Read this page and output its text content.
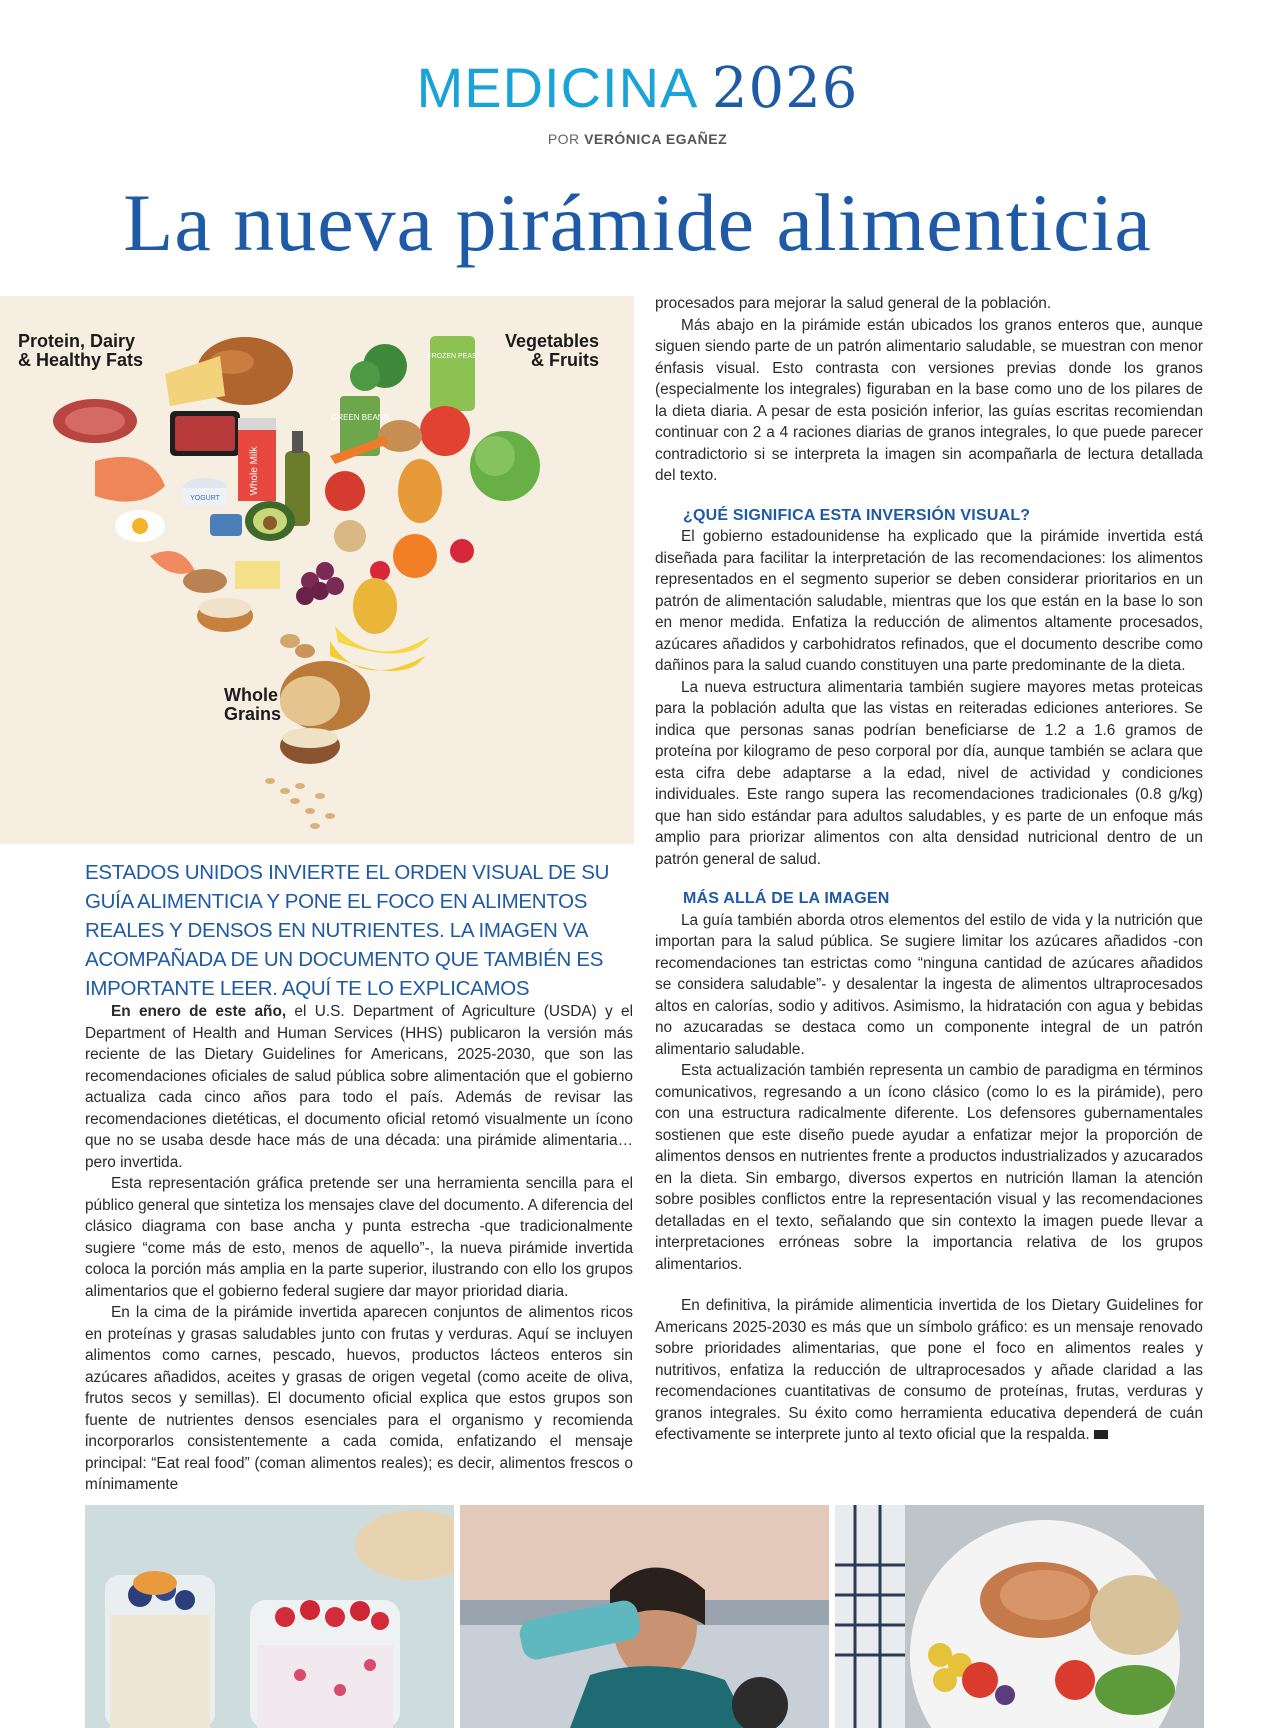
MEDICINA 2026
POR VERÓNICA EGAÑEZ
La nueva pirámide alimenticia
Whole Milk
YOGURT
GREEN BEANS
FROZEN PEAS
Protein, Dairy
& Healthy Fats
Vegetables
& Fruits
Whole
Grains
ESTADOS UNIDOS INVIERTE EL ORDEN VISUAL DE SU GUÍA ALIMENTICIA Y PONE EL FOCO EN ALIMENTOS REALES Y DENSOS EN NUTRIENTES. LA IMAGEN VA ACOMPAÑADA DE UN DOCUMENTO QUE TAMBIÉN ES IMPORTANTE LEER. AQUÍ TE LO EXPLICAMOS

En enero de este año, el U.S. Department of Agriculture (USDA) y el Department of Health and Human Services (HHS) publicaron la versión más reciente de las Dietary Guidelines for Americans, 2025-2030, que son las recomendaciones oficiales de salud pública sobre alimentación que el gobierno actualiza cada cinco años para todo el país. Además de revisar las recomendaciones dietéticas, el documento oficial retomó visualmente un ícono que no se usaba desde hace más de una década: una pirámide alimentaria… pero invertida.

Esta representación gráfica pretende ser una herramienta sencilla para el público general que sintetiza los mensajes clave del documento. A diferencia del clásico diagrama con base ancha y punta estrecha -que tradicionalmente sugiere “come más de esto, menos de aquello”-, la nueva pirámide invertida coloca la porción más amplia en la parte superior, ilustrando con ello los grupos alimentarios que el gobierno federal sugiere dar mayor prioridad diaria.

En la cima de la pirámide invertida aparecen conjuntos de alimentos ricos en proteínas y grasas saludables junto con frutas y verduras. Aquí se incluyen alimentos como carnes, pescado, huevos, productos lácteos enteros sin azúcares añadidos, aceites y grasas de origen vegetal (como aceite de oliva, frutos secos y semillas). El documento oficial explica que estos grupos son fuente de nutrientes densos esenciales para el organismo y recomienda incorporarlos consistentemente a cada comida, enfatizando el mensaje principal: “Eat real food” (coman alimentos reales); es decir, alimentos frescos o mínimamente

procesados para mejorar la salud general de la población.

Más abajo en la pirámide están ubicados los granos enteros que, aunque siguen siendo parte de un patrón alimentario saludable, se muestran con menor énfasis visual. Esto contrasta con versiones previas donde los granos (especialmente los integrales) figuraban en la base como uno de los pilares de la dieta diaria. A pesar de esta posición inferior, las guías escritas recomiendan continuar con 2 a 4 raciones diarias de granos integrales, lo que puede parecer contradictorio si se interpreta la imagen sin acompañarla de lectura detallada del texto.

¿QUÉ SIGNIFICA ESTA INVERSIÓN VISUAL?

El gobierno estadounidense ha explicado que la pirámide invertida está diseñada para facilitar la interpretación de las recomendaciones: los alimentos representados en el segmento superior se deben considerar prioritarios en un patrón de alimentación saludable, mientras que los que están en la base lo son en menor medida. Enfatiza la reducción de alimentos altamente procesados, azúcares añadidos y carbohidratos refinados, que el documento describe como dañinos para la salud cuando constituyen una parte predominante de la dieta.

La nueva estructura alimentaria también sugiere mayores metas proteicas para la población adulta que las vistas en reiteradas ediciones anteriores. Se indica que personas sanas podrían beneficiarse de 1.2 a 1.6 gramos de proteína por kilogramo de peso corporal por día, aunque también se aclara que esta cifra debe adaptarse a la edad, nivel de actividad y condiciones individuales. Este rango supera las recomendaciones tradicionales (0.8 g/kg) que han sido estándar para adultos saludables, y es parte de un enfoque más amplio para priorizar alimentos con alta densidad nutricional dentro de un patrón general de salud.

MÁS ALLÁ DE LA IMAGEN

La guía también aborda otros elementos del estilo de vida y la nutrición que importan para la salud pública. Se sugiere limitar los azúcares añadidos -con recomendaciones tan estrictas como “ninguna cantidad de azúcares añadidos se considera saludable”- y desalentar la ingesta de alimentos ultraprocesados altos en calorías, sodio y aditivos. Asimismo, la hidratación con agua y bebidas no azucaradas se destaca como un componente integral de un patrón alimentario saludable.

Esta actualización también representa un cambio de paradigma en términos comunicativos, regresando a un ícono clásico (como lo es la pirámide), pero con una estructura radicalmente diferente. Los defensores gubernamentales sostienen que este diseño puede ayudar a enfatizar mejor la proporción de alimentos densos en nutrientes frente a productos industrializados y azucarados en la dieta. Sin embargo, diversos expertos en nutrición llaman la atención sobre posibles conflictos entre la representación visual y las recomendaciones detalladas en el texto, señalando que sin contexto la imagen puede llevar a interpretaciones erróneas sobre la importancia relativa de los grupos alimentarios.

En definitiva, la pirámide alimenticia invertida de los Dietary Guidelines for Americans 2025-2030 es más que un símbolo gráfico: es un mensaje renovado sobre prioridades alimentarias, que pone el foco en alimentos reales y nutritivos, enfatiza la reducción de ultraprocesados y añade claridad a las recomendaciones cuantitativas de consumo de proteínas, frutas, verduras y granos integrales. Su éxito como herramienta educativa dependerá de cuán efectivamente se interprete junto al texto oficial que la respalda.
